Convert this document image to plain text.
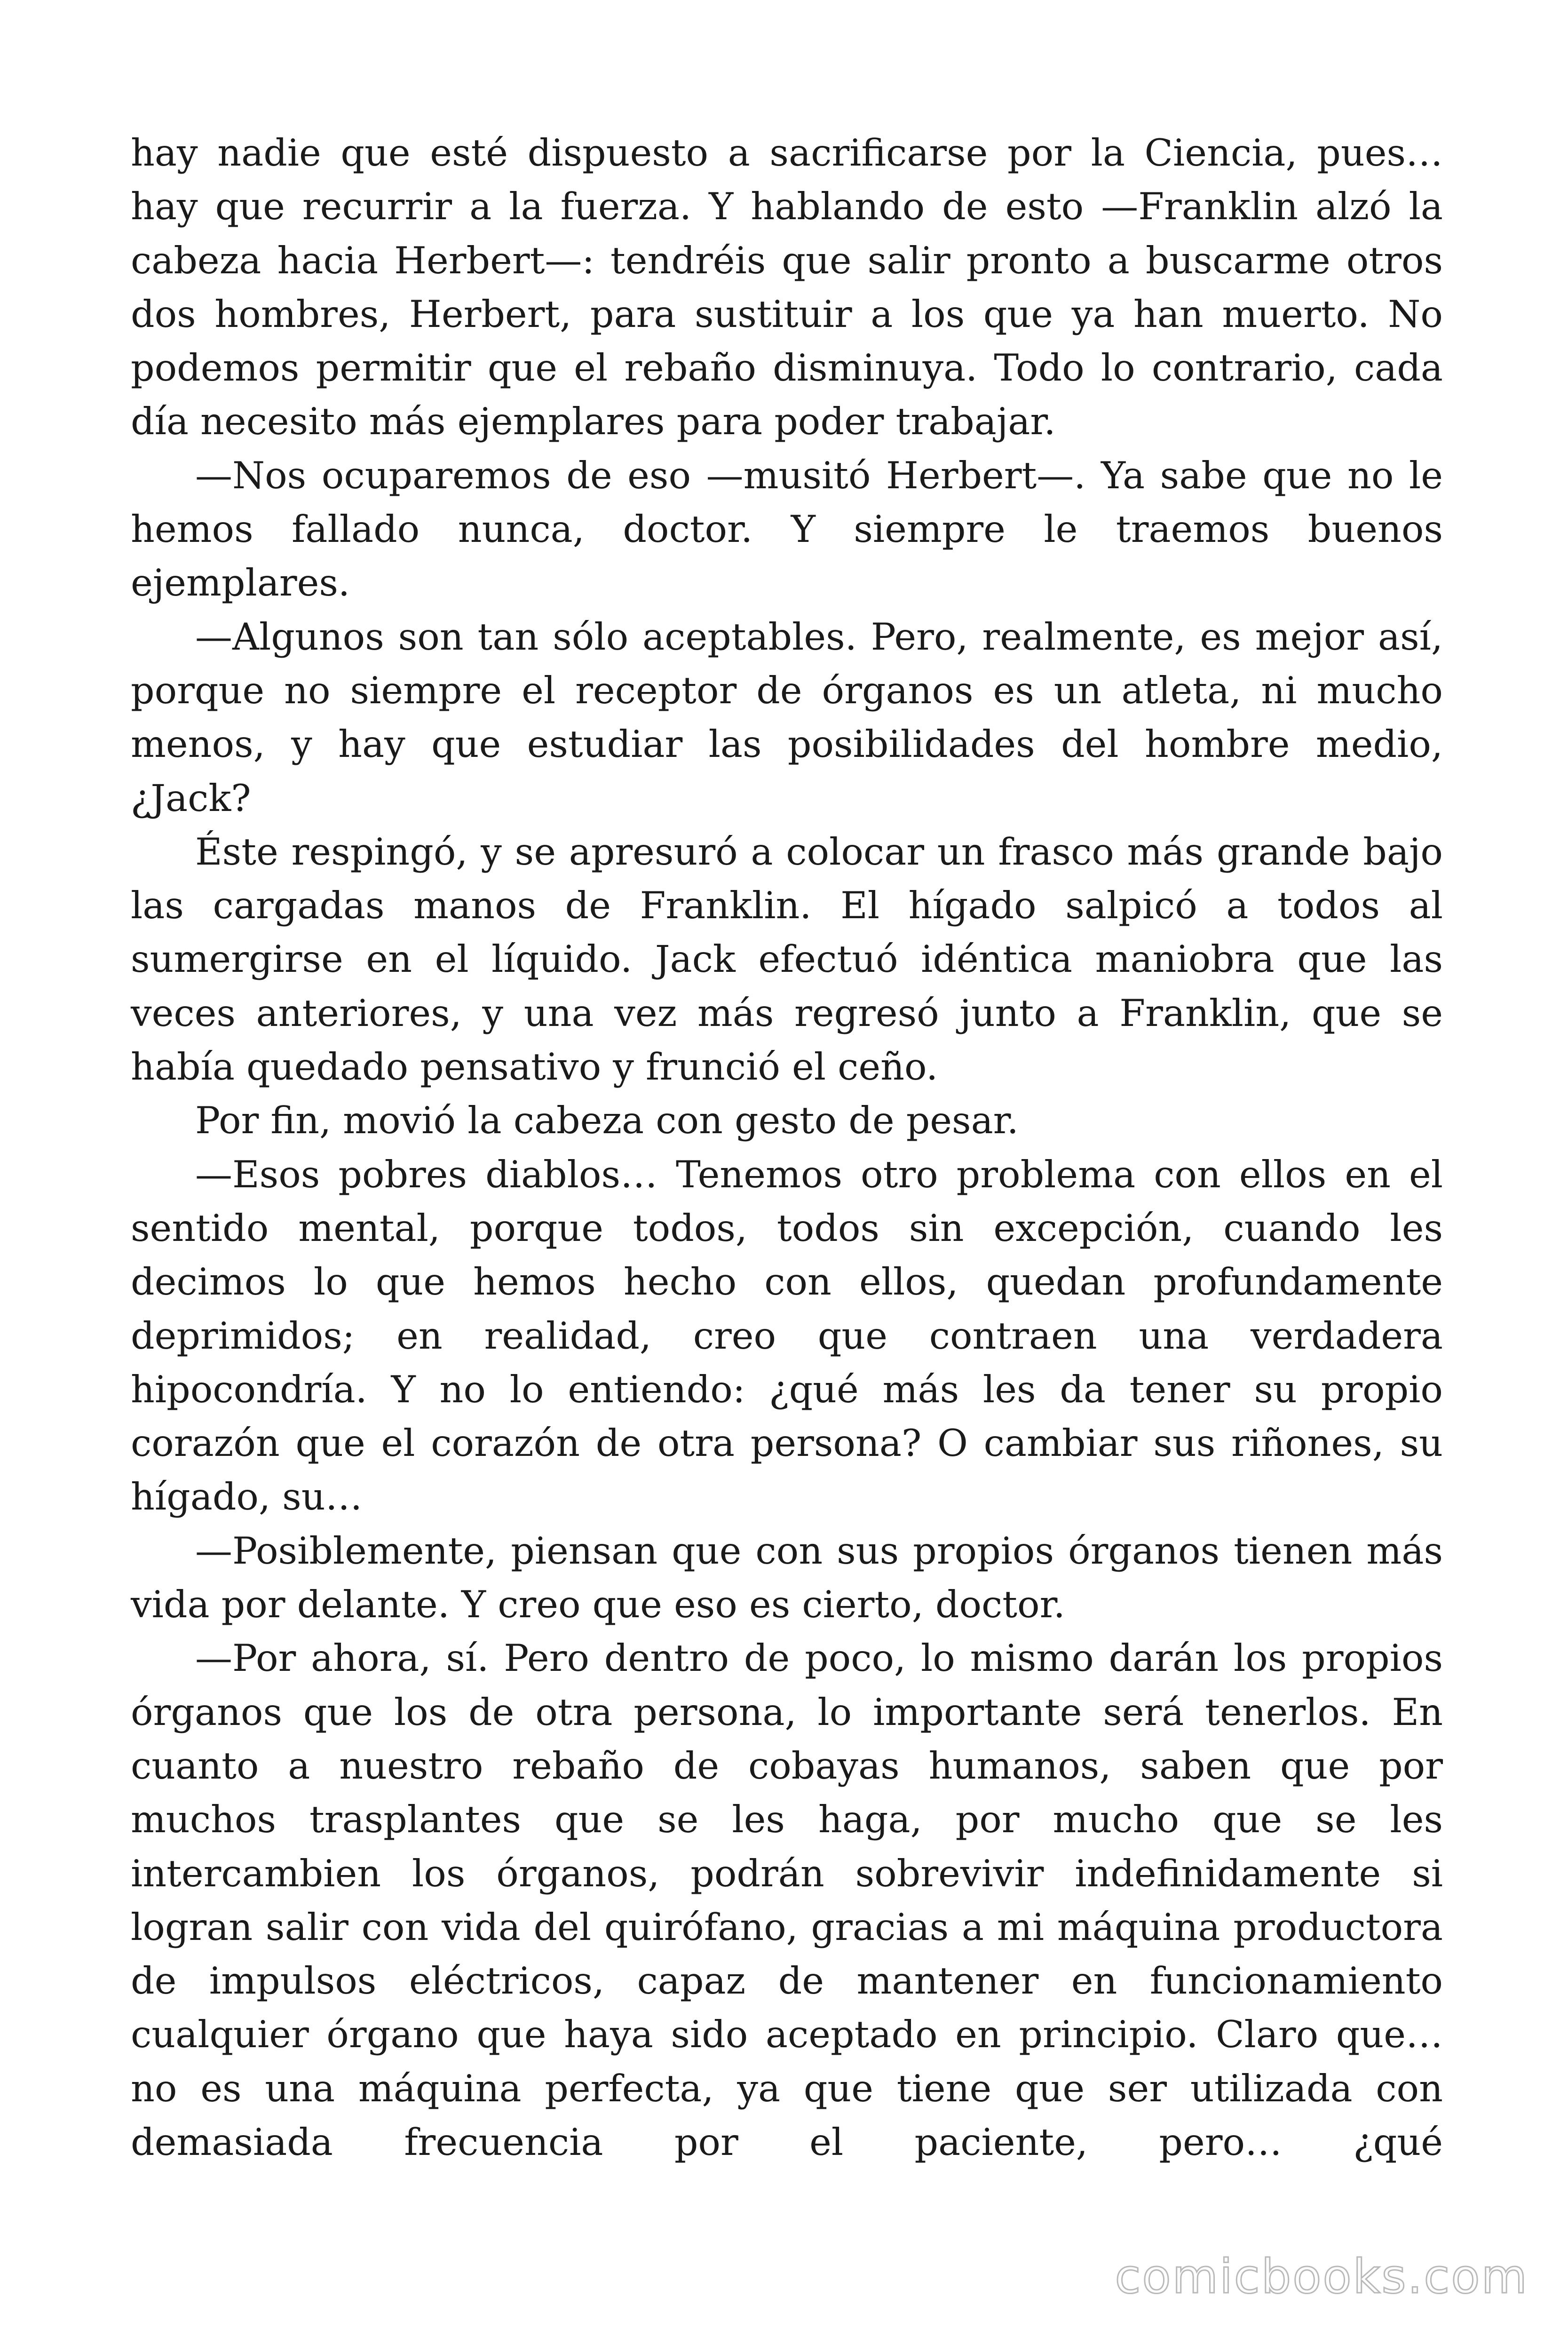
hay nadie que esté dispuesto a sacrificarse por la Ciencia, pues… hay que recurrir a la fuerza. Y hablando de esto —Franklin alzó la cabeza hacia Herbert—: tendréis que salir pronto a buscarme otros dos hombres, Herbert, para sustituir a los que ya han muerto. No podemos permitir que el rebaño disminuya. Todo lo contrario, cada día necesito más ejemplares para poder trabajar.

—Nos ocuparemos de eso —musitó Herbert—. Ya sabe que no le hemos fallado nunca, doctor. Y siempre le traemos buenos ejemplares.

—Algunos son tan sólo aceptables. Pero, realmente, es mejor así, porque no siempre el receptor de órganos es un atleta, ni mucho menos, y hay que estudiar las posibilidades del hombre medio, ¿Jack?

Éste respingó, y se apresuró a colocar un frasco más grande bajo las cargadas manos de Franklin. El hígado salpicó a todos al sumergirse en el líquido. Jack efectuó idéntica maniobra que las veces anteriores, y una vez más regresó junto a Franklin, que se había quedado pensativo y frunció el ceño.

Por fin, movió la cabeza con gesto de pesar.

—Esos pobres diablos… Tenemos otro problema con ellos en el sentido mental, porque todos, todos sin excepción, cuando les decimos lo que hemos hecho con ellos, quedan profundamente deprimidos; en realidad, creo que contraen una verdadera hipocondría. Y no lo entiendo: ¿qué más les da tener su propio corazón que el corazón de otra persona? O cambiar sus riñones, su hígado, su…

—Posiblemente, piensan que con sus propios órganos tienen más vida por delante. Y creo que eso es cierto, doctor.

—Por ahora, sí. Pero dentro de poco, lo mismo darán los propios órganos que los de otra persona, lo importante será tenerlos. En cuanto a nuestro rebaño de cobayas humanos, saben que por muchos trasplantes que se les haga, por mucho que se les intercambien los órganos, podrán sobrevivir indefinidamente si logran salir con vida del quirófano, gracias a mi máquina productora de impulsos eléctricos, capaz de mantener en funcionamiento cualquier órgano que haya sido aceptado en principio. Claro que… no es una máquina perfecta, ya que tiene que ser utilizada con demasiada frecuencia por el paciente, pero… ¿qué

comicbooks.com
